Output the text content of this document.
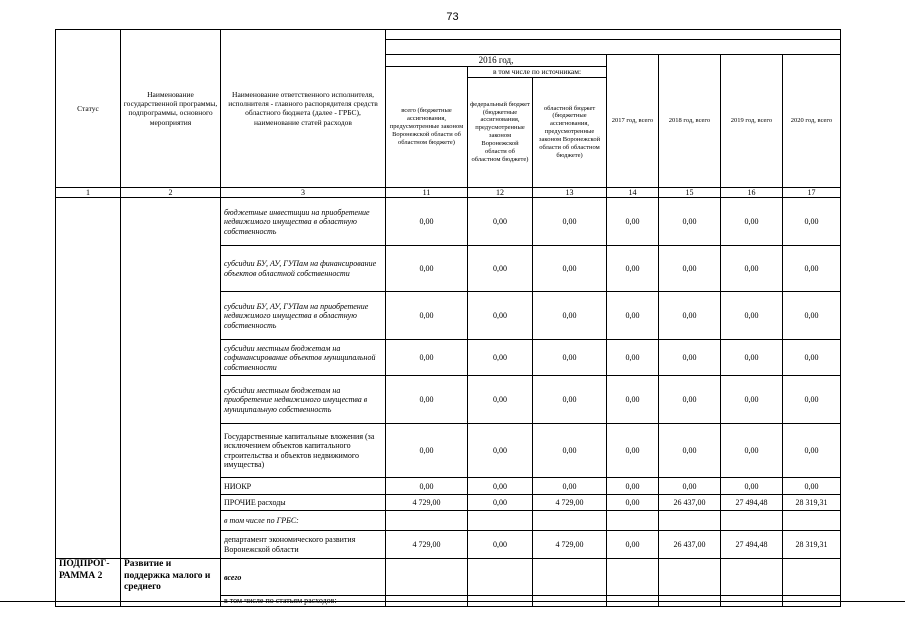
73
Статус	Наименование государственной программы, подпрограммы, основного мероприятия	Наименование ответственного исполнителя, исполнителя - главного распорядителя средств областного бюджета (далее - ГРБС), наименование статей расходов							

			2016 год,			2017 год, всего	2018 год, всего	2019 год, всего	2020 год, всего
			всего (бюджетные ассигнования, предусмотренные законом Воронежской области об областном бюджете)	в том числе по источникам:					
				федеральный бюджет (бюджетные ассигнования, предусмотренные законом Воронежской области об областном бюджете)	областной бюджет (бюджетные ассигнования, предусмотренные законом Воронежской области об областном бюджете)				
1	2	3	11	12	13	14	15	16	17
		бюджетные инвестиции на приобретение недвижимого имущества в областную собственность	0,00	0,00	0,00	0,00	0,00	0,00	0,00
		субсидии БУ, АУ, ГУПам на финансирование объектов областной собственности	0,00	0,00	0,00	0,00	0,00	0,00	0,00
		субсидии БУ, АУ, ГУПам на приобретение недвижимого имущества в областную собственность	0,00	0,00	0,00	0,00	0,00	0,00	0,00
		субсидии местным бюджетам на софинансирование объектов муниципальной собственности	0,00	0,00	0,00	0,00	0,00	0,00	0,00
		субсидии местным бюджетам на приобретение недвижимого имущества в муниципальную собственность	0,00	0,00	0,00	0,00	0,00	0,00	0,00
		Государственные капитальные вложения (за исключением объектов капитального строительства и объектов недвижимого имущества)	0,00	0,00	0,00	0,00	0,00	0,00	0,00
		НИОКР	0,00	0,00	0,00	0,00	0,00	0,00	0,00
		ПРОЧИЕ расходы	4 729,00	0,00	4 729,00	0,00	26 437,00	27 494,48	28 319,31
		в том числе по ГРБС:							
		департамент экономического развития Воронежской области	4 729,00	0,00	4 729,00	0,00	26 437,00	27 494,48	28 319,31
ПОДПРОГ-РАММА 2	Развитие и поддержка малого и среднего	всего							
		в том числе по статьям расходов:							
